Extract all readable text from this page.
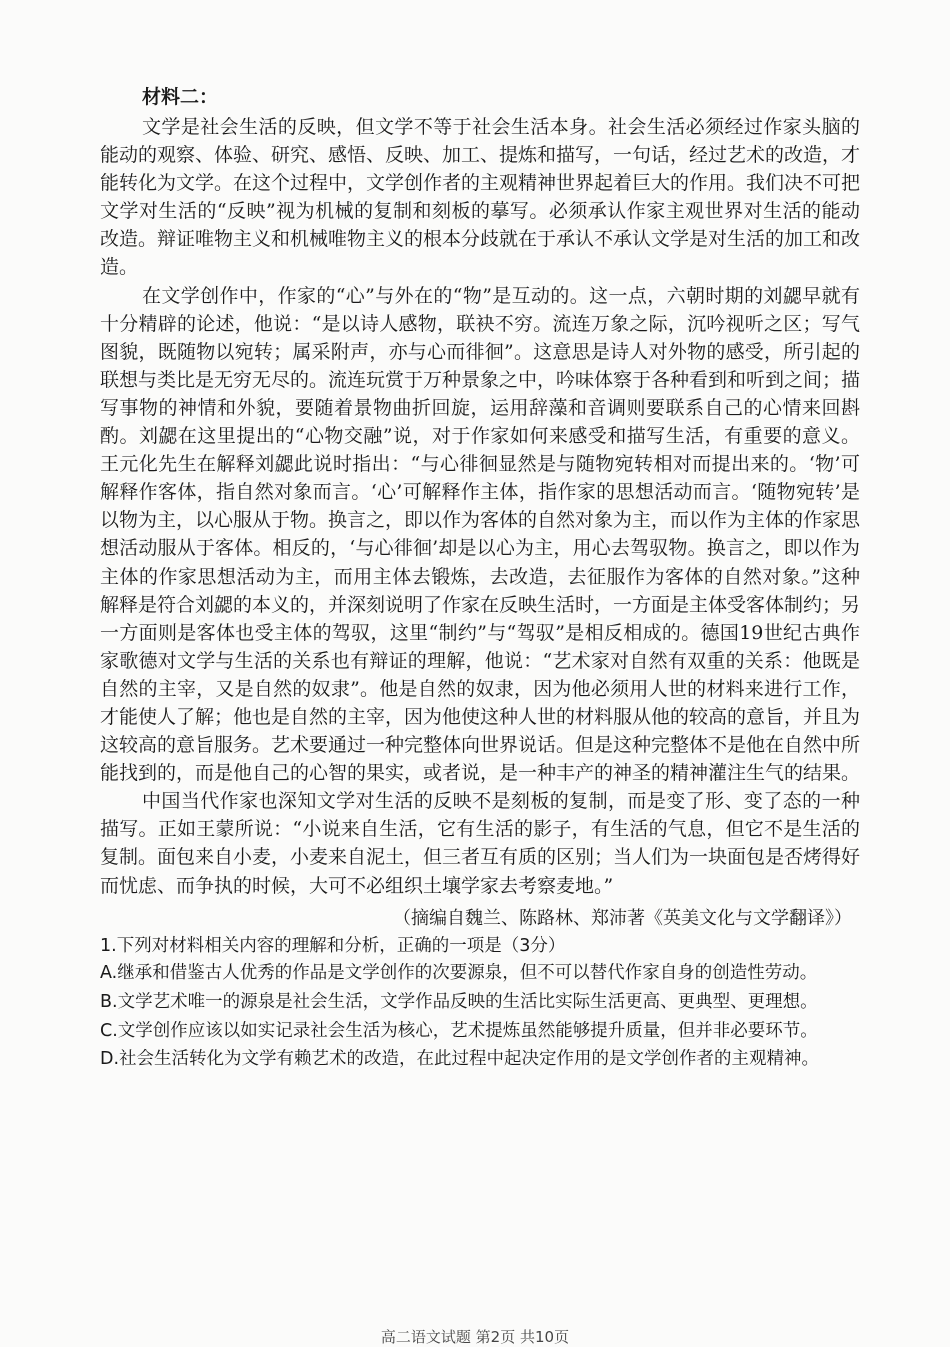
材料二：

文学是社会生活的反映，但文学不等于社会生活本身。社会生活必须经过作家头脑的能动的观察、体验、研究、感悟、反映、加工、提炼和描写，一句话，经过艺术的改造，才能转化为文学。在这个过程中，文学创作者的主观精神世界起着巨大的作用。我们决不可把文学对生活的“反映”视为机械的复制和刻板的摹写。必须承认作家主观世界对生活的能动改造。辩证唯物主义和机械唯物主义的根本分歧就在于承认不承认文学是对生活的加工和改造。

在文学创作中，作家的“心”与外在的“物”是互动的。这一点，六朝时期的刘勰早就有十分精辟的论述，他说：“是以诗人感物，联袂不穷。流连万象之际，沉吟视听之区；写气图貌，既随物以宛转；属采附声，亦与心而徘徊”。这意思是诗人对外物的感受，所引起的联想与类比是无穷无尽的。流连玩赏于万种景象之中，吟味体察于各种看到和听到之间；描写事物的神情和外貌，要随着景物曲折回旋，运用辞藻和音调则要联系自己的心情来回斟酌。刘勰在这里提出的“心物交融”说，对于作家如何来感受和描写生活，有重要的意义。王元化先生在解释刘勰此说时指出：“与心徘徊显然是与随物宛转相对而提出来的。‘物’可解释作客体，指自然对象而言。‘心’可解释作主体，指作家的思想活动而言。‘随物宛转’是以物为主，以心服从于物。换言之，即以作为客体的自然对象为主，而以作为主体的作家思想活动服从于客体。相反的，‘与心徘徊’却是以心为主，用心去驾驭物。换言之，即以作为主体的作家思想活动为主，而用主体去锻炼，去改造，去征服作为客体的自然对象。”这种解释是符合刘勰的本义的，并深刻说明了作家在反映生活时，一方面是主体受客体制约；另一方面则是客体也受主体的驾驭，这里“制约”与“驾驭”是相反相成的。德国19世纪古典作家歌德对文学与生活的关系也有辩证的理解，他说：“艺术家对自然有双重的关系：他既是自然的主宰，又是自然的奴隶”。他是自然的奴隶，因为他必须用人世的材料来进行工作，才能使人了解；他也是自然的主宰，因为他使这种人世的材料服从他的较高的意旨，并且为这较高的意旨服务。艺术要通过一种完整体向世界说话。但是这种完整体不是他在自然中所能找到的，而是他自己的心智的果实，或者说，是一种丰产的神圣的精神灌注生气的结果。

中国当代作家也深知文学对生活的反映不是刻板的复制，而是变了形、变了态的一种描写。正如王蒙所说：“小说来自生活，它有生活的影子，有生活的气息，但它不是生活的复制。面包来自小麦，小麦来自泥土，但三者互有质的区别；当人们为一块面包是否烤得好而忧虑、而争执的时候，大可不必组织土壤学家去考察麦地。”

（摘编自魏兰、陈路林、郑沛著《英美文化与文学翻译》）

1.下列对材料相关内容的理解和分析，正确的一项是（3分）

A.继承和借鉴古人优秀的作品是文学创作的次要源泉，但不可以替代作家自身的创造性劳动。

B.文学艺术唯一的源泉是社会生活，文学作品反映的生活比实际生活更高、更典型、更理想。

C.文学创作应该以如实记录社会生活为核心，艺术提炼虽然能够提升质量，但并非必要环节。

D.社会生活转化为文学有赖艺术的改造，在此过程中起决定作用的是文学创作者的主观精神。

高二语文试题 第2页 共10页
